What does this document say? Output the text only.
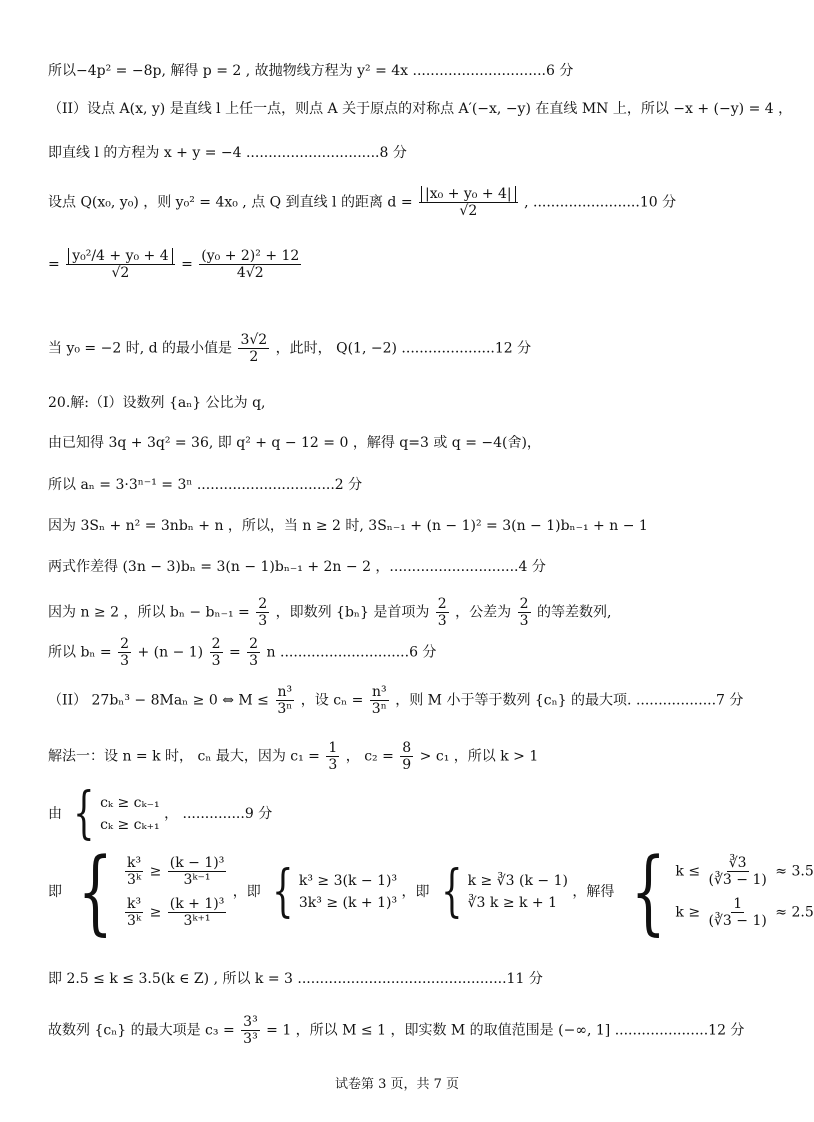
所以−4p² = −8p, 解得 p = 2 , 故抛物线方程为 y² = 4x ..............................6 分
（II）设点 A(x, y) 是直线 l 上任一点，则点 A 关于原点的对称点 A′(−x, −y) 在直线 MN 上，所以 −x + (−y) = 4 ，
即直线 l 的方程为 x + y = −4 ..............................8 分
设点 Q(x₀, y₀) ，则 y₀² = 4x₀ , 点 Q 到直线 l 的距离 $d = \frac{\text{|x₀ + y₀ + 4|}}{√2}$ , ........................10 分
= $\frac{\text{y₀²/4 + y₀ + 4}}{√2} = \frac{\text{(y₀ + 2)² + 12}}{4√2}$
当 y₀ = −2 时, d 的最小值是 $\frac{3√2}{2}$ ，此时， Q(1, −2) .....................12 分
20.解:（I）设数列 {aₙ} 公比为 q,
由已知得 3q + 3q² = 36, 即 q² + q − 12 = 0 ，解得 q=3 或 q = −4(舍)，
所以 aₙ = 3·3ⁿ⁻¹ = 3ⁿ ...............................2 分
因为 3Sₙ + n² = 3nbₙ + n ，所以，当 n ≥ 2 时, 3Sₙ₋₁ + (n − 1)² = 3(n − 1)bₙ₋₁ + n − 1
两式作差得 (3n − 3)bₙ = 3(n − 1)bₙ₋₁ + 2n − 2 ，.............................4 分
因为 n ≥ 2 ，所以 $b_n - b_{n-1} = \frac{2}{3}$ ，即数列 {bₙ} 是首项为 $\frac{2}{3}$ ，公差为 $\frac{2}{3}$ 的等差数列,
所以 $b_n = \frac{2}{3} + (n - 1) \frac{2}{3} = \frac{2}{3}$ n .............................6 分
（II） 27bₙ³ − 8Maₙ ≥ 0 ⇔ $M \le \frac{\text{n³}}{\text{3ⁿ}}$ ，设 $c_n = \frac{\text{n³}}{\text{3ⁿ}}$ ，则 M 小于等于数列 {cₙ} 的最大项. ..................7 分
解法一：设 n = k 时， cₙ 最大，因为 $c_1 = \frac{1}{3}$ ， $c_2 = \frac{8}{9} > c_1$ ，所以 k > 1
由 { cₖ ≥ cₖ₋₁
cₖ ≥ cₖ₊₁
， ..............9 分
即 { $\frac{\text{k³}}{\text{3ᵏ}} \ge \frac{\text{(k − 1)³}}{\text{3ᵏ⁻¹}}$
$\frac{\text{k³}}{\text{3ᵏ}} \ge \frac{\text{(k + 1)³}}{\text{3ᵏ⁺¹}}$
，即 { k³ ≥ 3(k − 1)³
3k³ ≥ (k + 1)³
，即 { k ≥ ∛3 (k − 1)
∛3 k ≥ k + 1
，解得 { $k \le \frac{∛3}{(∛3 - 1)} \approx 3.5$
$k \ge \frac{1}{(∛3 - 1)} \approx 2.5$
即 2.5 ≤ k ≤ 3.5(k ∈ Z) , 所以 k = 3 ...............................................11 分
故数列 {cₙ} 的最大项是 $c_3 = \frac{\text{3³}}{\text{3³}} = 1$ ，所以 M ≤ 1 ，即实数 M 的取值范围是 (−∞, 1] .....................12 分
试卷第 3 页，共 7 页
